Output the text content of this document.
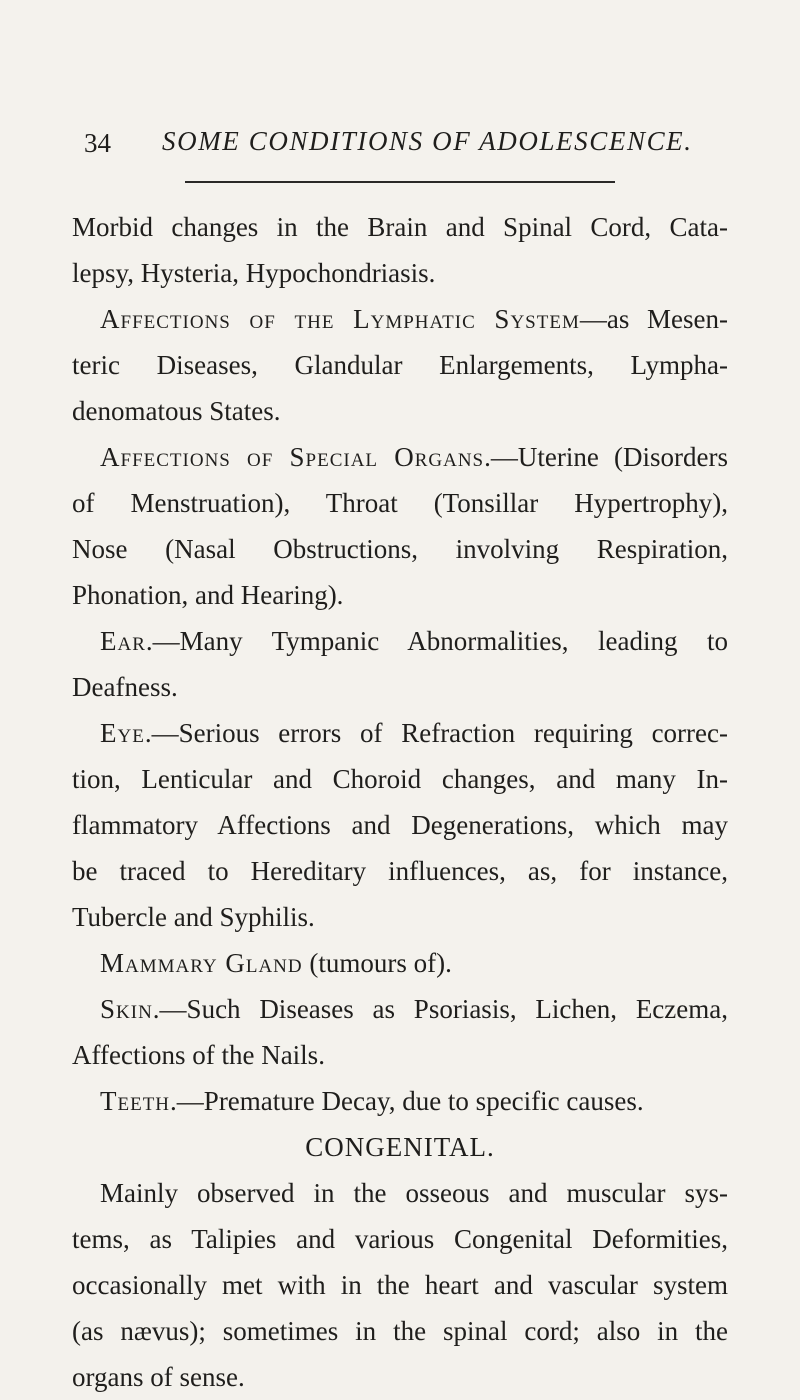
34 SOME CONDITIONS OF ADOLESCENCE.
Morbid changes in the Brain and Spinal Cord, Cata-
lepsy, Hysteria, Hypochondriasis.
Affections of the Lymphatic System—as Mesen-
teric Diseases, Glandular Enlargements, Lympha-
denomatous States.
Affections of Special Organs.—Uterine (Disorders
of Menstruation), Throat (Tonsillar Hypertrophy),
Nose (Nasal Obstructions, involving Respiration,
Phonation, and Hearing).
Ear.—Many Tympanic Abnormalities, leading to
Deafness.
Eye.—Serious errors of Refraction requiring correc-
tion, Lenticular and Choroid changes, and many In-
flammatory Affections and Degenerations, which may
be traced to Hereditary influences, as, for instance,
Tubercle and Syphilis.
Mammary Gland (tumours of).
Skin.—Such Diseases as Psoriasis, Lichen, Eczema,
Affections of the Nails.
Teeth.—Premature Decay, due to specific causes.
CONGENITAL.
Mainly observed in the osseous and muscular sys-
tems, as Talipies and various Congenital Deformities,
occasionally met with in the heart and vascular system
(as nævus); sometimes in the spinal cord; also in the
organs of sense.
